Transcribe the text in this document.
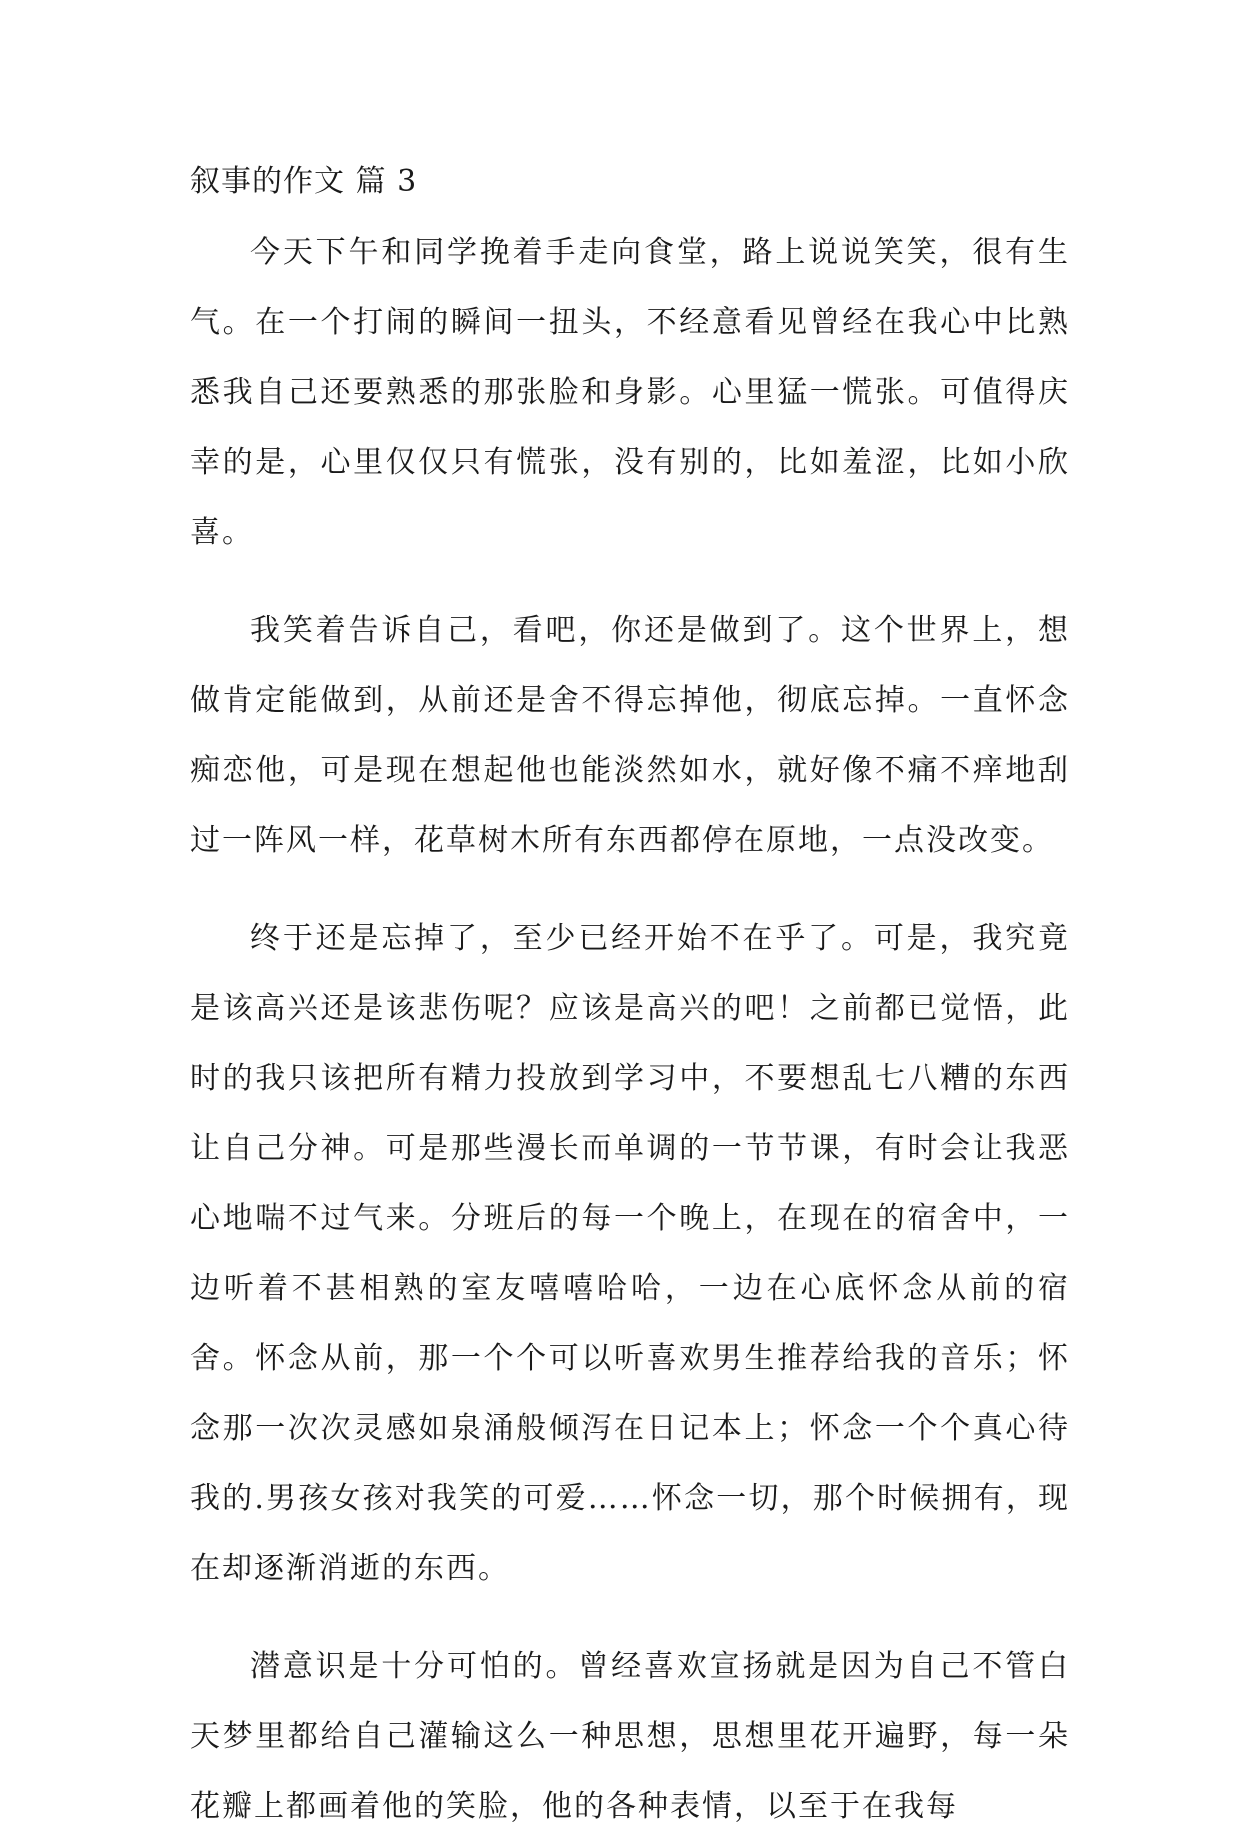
叙事的作文 篇 3

今天下午和同学挽着手走向食堂，路上说说笑笑，很有生气。在一个打闹的瞬间一扭头，不经意看见曾经在我心中比熟悉我自己还要熟悉的那张脸和身影。心里猛一慌张。可值得庆幸的是，心里仅仅只有慌张，没有别的，比如羞涩，比如小欣喜。

我笑着告诉自己，看吧，你还是做到了。这个世界上，想做肯定能做到，从前还是舍不得忘掉他，彻底忘掉。一直怀念痴恋他，可是现在想起他也能淡然如水，就好像不痛不痒地刮过一阵风一样，花草树木所有东西都停在原地，一点没改变。

终于还是忘掉了，至少已经开始不在乎了。可是，我究竟是该高兴还是该悲伤呢？应该是高兴的吧！之前都已觉悟，此时的我只该把所有精力投放到学习中，不要想乱七八糟的东西让自己分神。可是那些漫长而单调的一节节课，有时会让我恶心地喘不过气来。分班后的每一个晚上，在现在的宿舍中，一边听着不甚相熟的室友嘻嘻哈哈，一边在心底怀念从前的宿舍。怀念从前，那一个个可以听喜欢男生推荐给我的音乐；怀念那一次次灵感如泉涌般倾泻在日记本上；怀念一个个真心待我的.男孩女孩对我笑的可爱……怀念一切，那个时候拥有，现在却逐渐消逝的东西。

潜意识是十分可怕的。曾经喜欢宣扬就是因为自己不管白天梦里都给自己灌输这么一种思想，思想里花开遍野，每一朵花瓣上都画着他的笑脸，他的各种表情，以至于在我每
